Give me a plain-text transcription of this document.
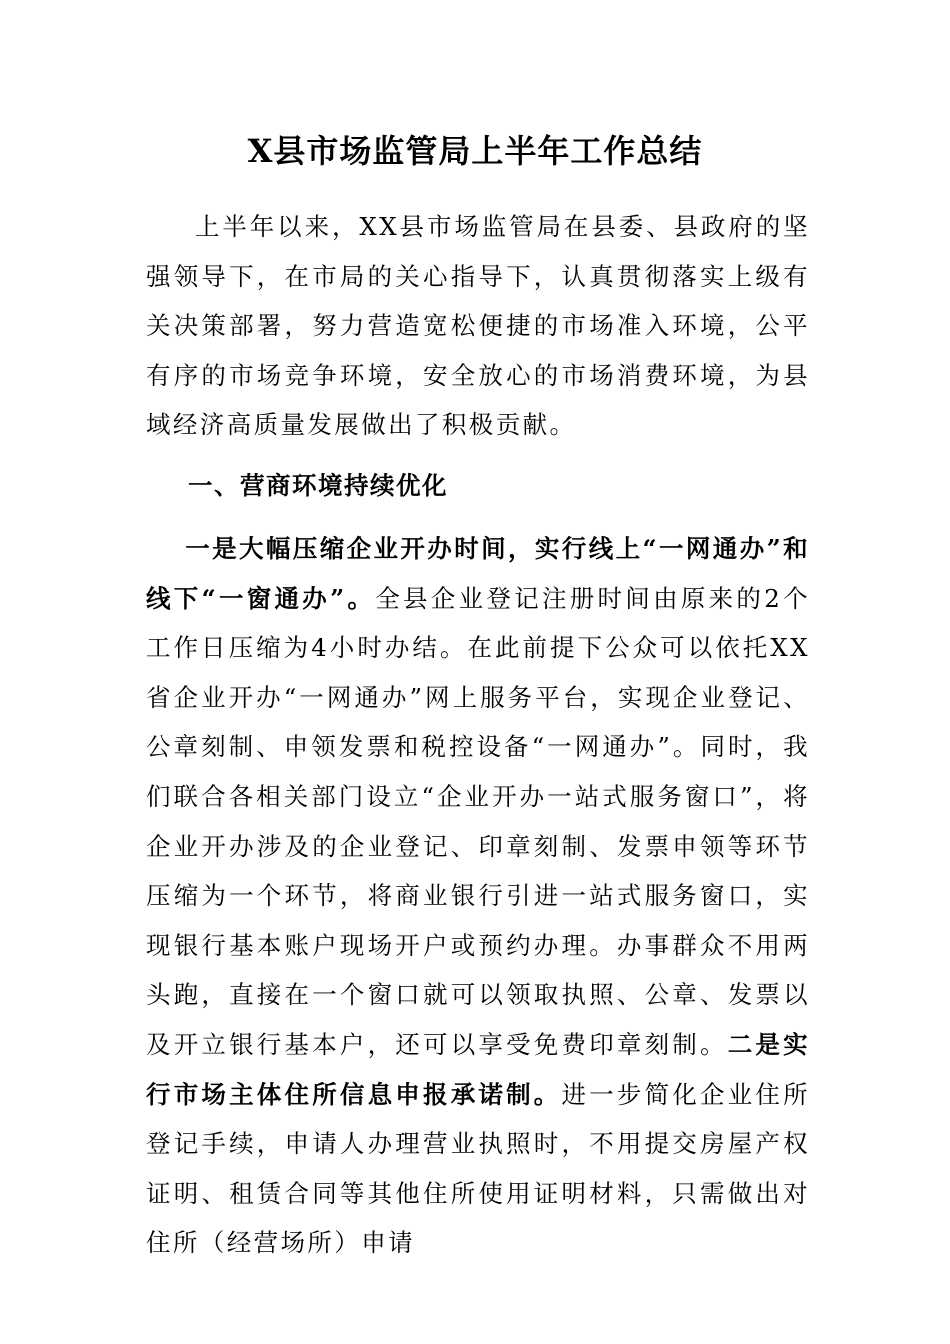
X县市场监管局上半年工作总结

上半年以来，XX县市场监管局在县委、县政府的坚强领导下，在市局的关心指导下，认真贯彻落实上级有关决策部署，努力营造宽松便捷的市场准入环境，公平有序的市场竞争环境，安全放心的市场消费环境，为县域经济高质量发展做出了积极贡献。

一、营商环境持续优化

一是大幅压缩企业开办时间，实行线上“一网通办”和线下“一窗通办”。全县企业登记注册时间由原来的2个工作日压缩为4小时办结。在此前提下公众可以依托XX省企业开办“一网通办”网上服务平台，实现企业登记、公章刻制、申领发票和税控设备“一网通办”。同时，我们联合各相关部门设立“企业开办一站式服务窗口”，将企业开办涉及的企业登记、印章刻制、发票申领等环节压缩为一个环节，将商业银行引进一站式服务窗口，实现银行基本账户现场开户或预约办理。办事群众不用两头跑，直接在一个窗口就可以领取执照、公章、发票以及开立银行基本户，还可以享受免费印章刻制。二是实行市场主体住所信息申报承诺制。进一步简化企业住所登记手续，申请人办理营业执照时，不用提交房屋产权证明、租赁合同等其他住所使用证明材料，只需做出对住所（经营场所）申请
